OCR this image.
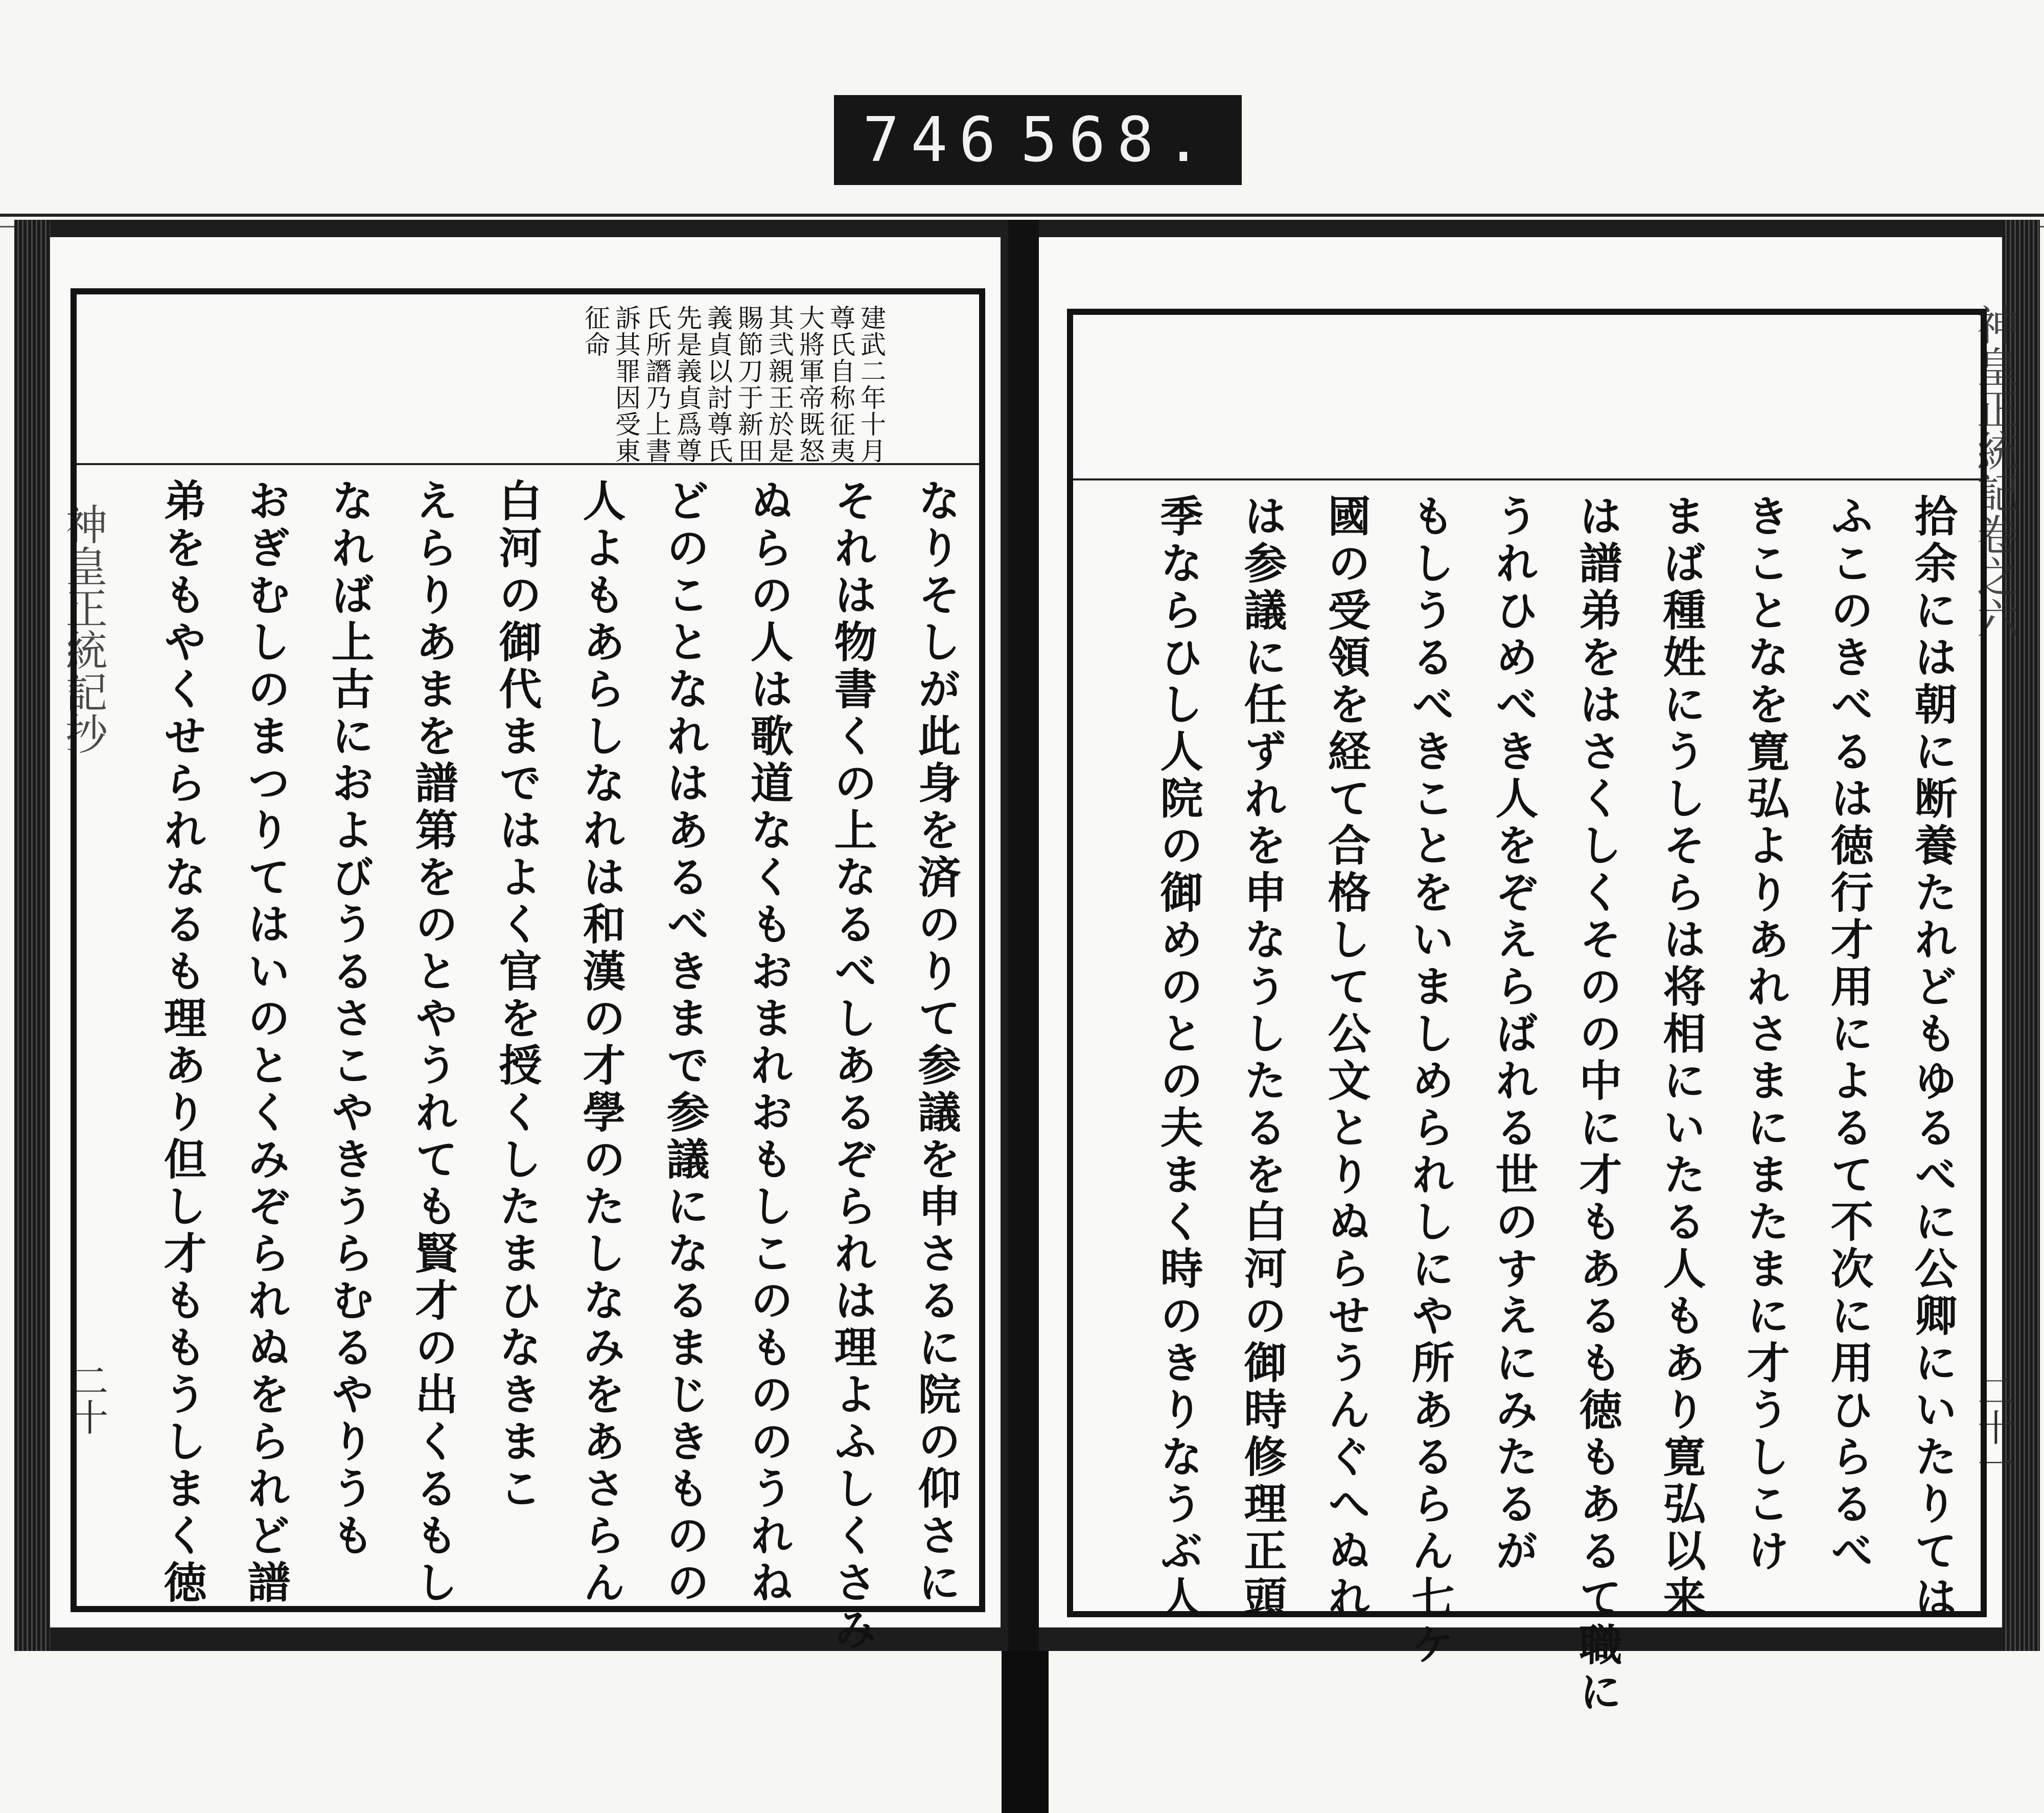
746 568.
神皇正統記抄
二十
建武二年十月
尊氏自称征夷
大將軍帝既怒
其弐親王於是
賜節刀于新田
義貞以討尊氏
先是義貞爲尊
氏所譖乃上書
訴其罪因受東
征命
なりそしが此身を済のりて参議を申さるに院の仰さに
それは物書くの上なるべしあるぞられは理よふしくさみ
ぬらの人は歌道なくもおまれおもしこのもののうれね
どのことなれはあるべきまで参議になるまじきものの
人よもあらしなれは和漢の才學のたしなみをあさらん
白河の御代まではよく官を授くしたまひなきまこ
えらりあまを譜第をのとやうれても賢才の出くるもし
なれば上古におよびうるさこやきうらむるやりうも
おぎむしのまつりてはいのとくみぞられぬをられど譜
弟をもやくせられなるも理あり但し才ももうしまく徳
神皇正統記卷之六
二十一
拾余には朝に断養たれどもゆるべに公卿にいたりては
ふこのきべるは徳行才用によるて不次に用ひらるべ
きことなを寛弘よりあれさまにまたまに才うしこけ
まば種姓にうしそらは将相にいたる人もあり寛弘以来
は譜弟をはさくしくそのの中に才もあるも徳もあるて職に
うれひめべき人をぞえらばれる世のすえにみたるが
もしうるべきことをいましめられしにや所あるらん七ケ
國の受領を経て合格して公文とりぬらせうんぐへぬれ
は参議に任ずれを申なうしたるを白河の御時修理正頭
季ならひし人院の御めのとの夫まく時のきりなうぶ人
